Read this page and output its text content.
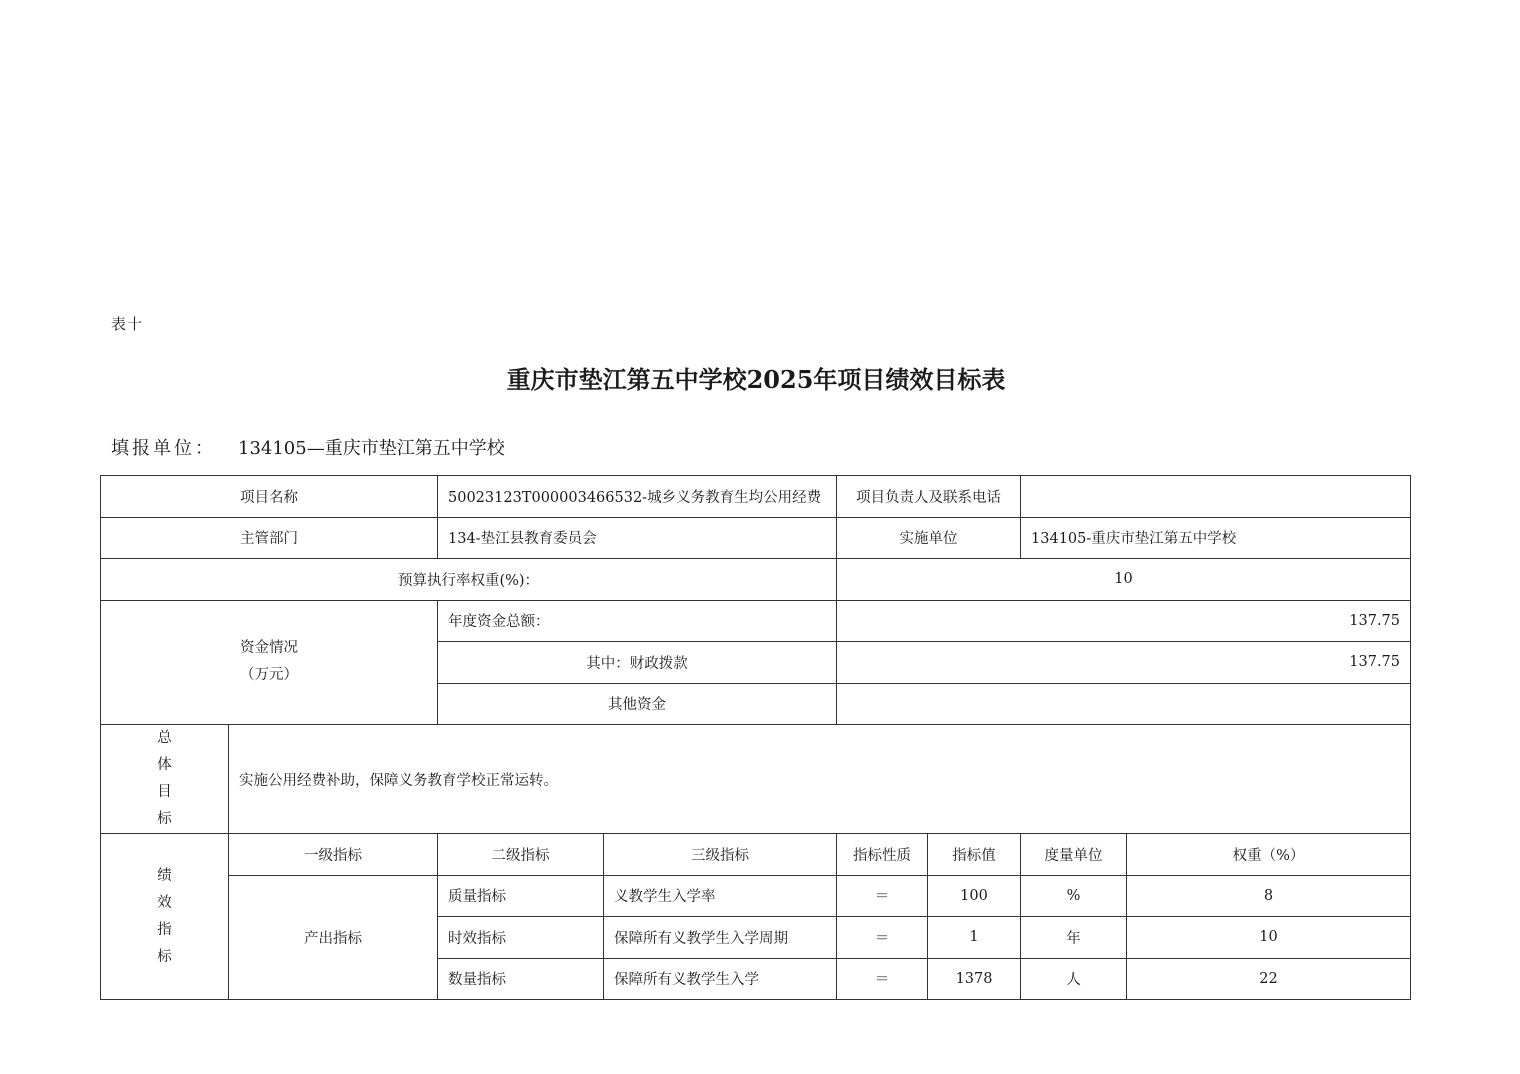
表十
重庆市垫江第五中学校2025年项目绩效目标表
填报单位： 134105—重庆市垫江第五中学校
项目名称		50023123T000003466532-城乡义务教育生均公用经费		项目负责人及联系电话			
主管部门		134-垫江县教育委员会		实施单位		134105-重庆市垫江第五中学校	
预算执行率权重(%)：				10			

资金情况
（万元）		年度资金总额：		137.75			
		其中：财政拨款		137.75			
		其他资金					

总
体
目
标	实施公用经费补助，保障义务教育学校正常运转。						

绩
效
指
标	一级指标	二级指标	三级指标	指标性质	指标值	度量单位	权重（%）
	产出指标	质量指标	义教学生入学率	＝	100	%	8
		时效指标	保障所有义教学生入学周期	＝	1	年	10
		数量指标	保障所有义教学生入学	＝	1378	人	22
